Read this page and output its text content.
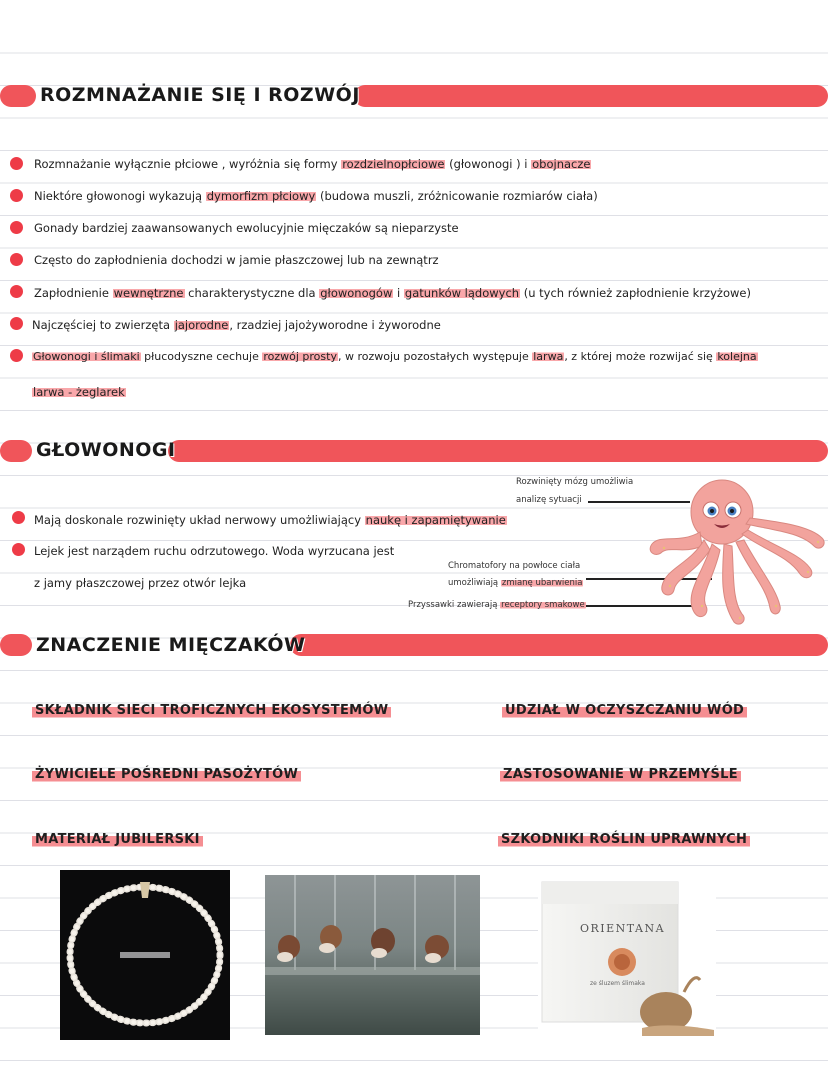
ROZMNAŻANIE SIĘ I ROZWÓJ
Rozmnażanie wyłącznie płciowe , wyróżnia się formy rozdzielnopłciowe (głowonogi ) i obojnacze
Niektóre głowonogi wykazują dymorfizm płciowy (budowa muszli, zróżnicowanie rozmiarów ciała)
Gonady bardziej zaawansowanych ewolucyjnie mięczaków są nieparzyste
Często do zapłodnienia dochodzi w jamie płaszczowej lub na zewnątrz
Zapłodnienie wewnętrzne charakterystyczne dla głowonogów i gatunków lądowych (u tych również zapłodnienie krzyżowe)
Najczęściej to zwierzęta jajorodne, rzadziej jajożyworodne i żyworodne
Głowonogi i ślimaki płucodyszne cechuje rozwój prosty, w rozwoju pozostałych występuje larwa, z której może rozwijać się kolejna
larwa - żeglarek
GŁOWONOGI
Mają doskonale rozwinięty układ nerwowy umożliwiający naukę i zapamiętywanie
Lejek jest narządem ruchu odrzutowego. Woda wyrzucana jest
z jamy płaszczowej przez otwór lejka
Rozwinięty mózg umożliwia
analizę sytuacji
Chromatofory na powłoce ciała
umożliwiają zmianę ubarwienia
Przyssawki zawierają receptory smakowe
ZNACZENIE MIĘCZAKÓW
SKŁADNIK SIECI TROFICZNYCH EKOSYSTEMÓW	UDZIAŁ W OCZYSZCZANIU WÓD
ŻYWICIELE POŚREDNI PASOŻYTÓW	ZASTOSOWANIE W PRZEMYŚLE
MATERIAŁ JUBILERSKI	SZKODNIKI ROŚLIN UPRAWNYCH
ORIENTANA
ze śluzem ślimaka
